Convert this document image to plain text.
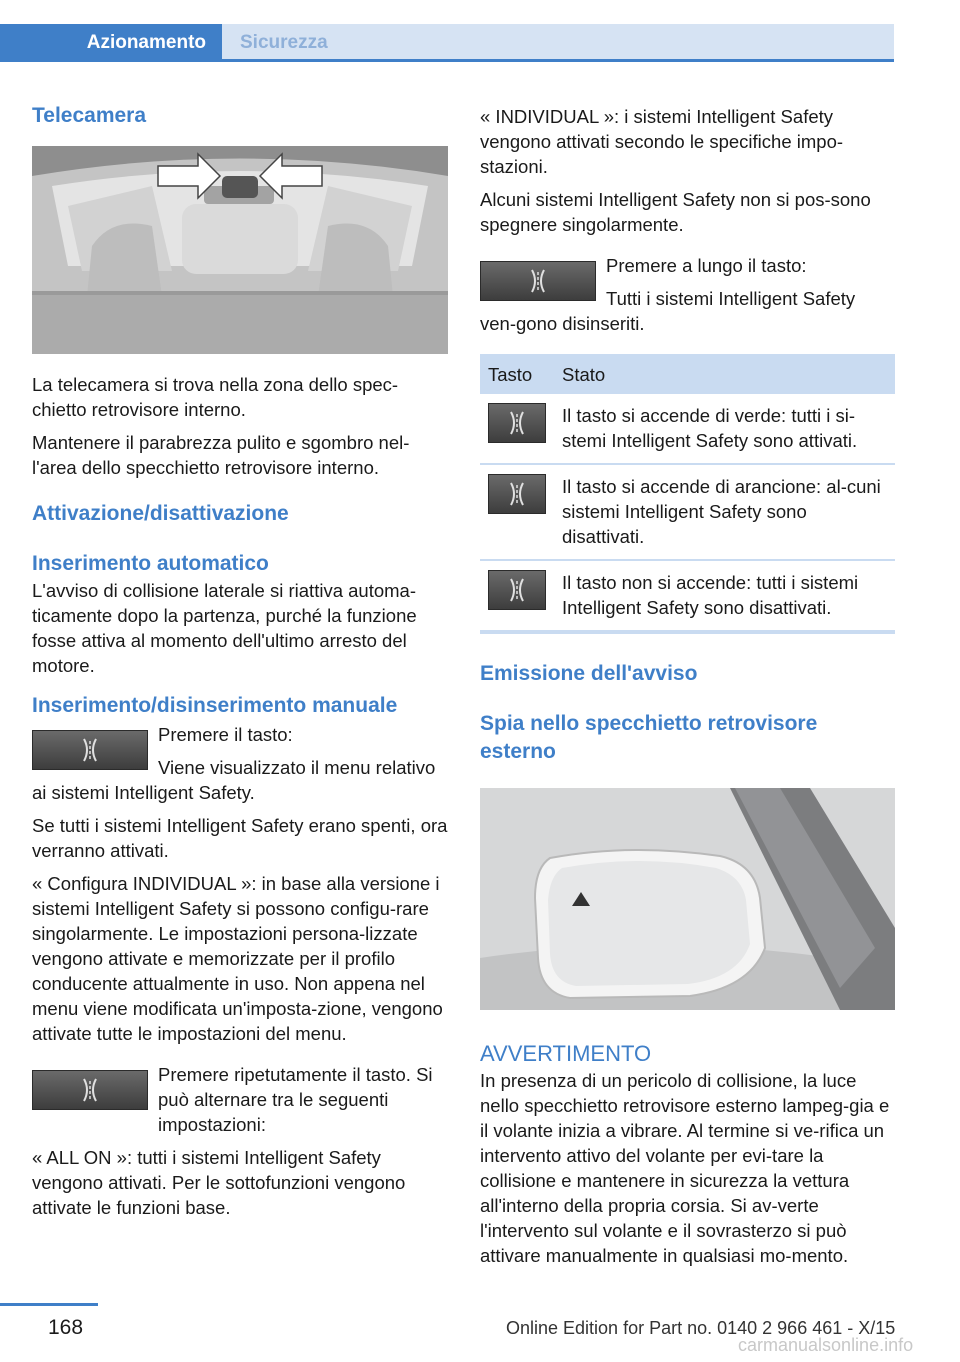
Azionamento	Sicurezza
Telecamera

La telecamera si trova nella zona dello spec-chietto retrovisore interno.

Mantenere il parabrezza pulito e sgombro nel-l'area dello specchietto retrovisore interno.

Attivazione/disattivazione
Inserimento automatico

L'avviso di collisione laterale si riattiva automa-ticamente dopo la partenza, purché la funzione fosse attiva al momento dell'ultimo arresto del motore.

Inserimento/disinserimento manuale

Premere il tasto:

Viene visualizzato il menu relativo ai sistemi Intelligent Safety.

Se tutti i sistemi Intelligent Safety erano spenti, ora verranno attivati.

« Configura INDIVIDUAL »: in base alla versione i sistemi Intelligent Safety si possono configu-rare singolarmente. Le impostazioni persona-lizzate vengono attivate e memorizzate per il profilo conducente attualmente in uso. Non appena nel menu viene modificata un'imposta-zione, vengono attivate tutte le impostazioni del menu.

Premere ripetutamente il tasto. Si può alternare tra le seguenti impostazioni:

« ALL ON »: tutti i sistemi Intelligent Safety vengono attivati. Per le sottofunzioni vengono attivate le funzioni base.

« INDIVIDUAL »: i sistemi Intelligent Safety vengono attivati secondo le specifiche impo-stazioni.

Alcuni sistemi Intelligent Safety non si pos-sono spegnere singolarmente.

Premere a lungo il tasto:

Tutti i sistemi Intelligent Safety ven-gono disinseriti.

Tasto	Stato

	Il tasto si accende di verde: tutti i si-stemi Intelligent Safety sono attivati.

	Il tasto si accende di arancione: al-cuni sistemi Intelligent Safety sono disattivati.

	Il tasto non si accende: tutti i sistemi Intelligent Safety sono disattivati.
Emissione dell'avviso
Spia nello specchietto retrovisore esterno
AVVERTIMENTO

In presenza di un pericolo di collisione, la luce nello specchietto retrovisore esterno lampeg-gia e il volante inizia a vibrare. Al termine si ve-rifica un intervento attivo del volante per evi-tare la collisione e mantenere in sicurezza la vettura all'interno della propria corsia. Si av-verte l'intervento sul volante e il sovrasterzo si può attivare manualmente in qualsiasi mo-mento.

168	Online Edition for Part no. 0140 2 966 461 - X/15
carmanualsonline.info
